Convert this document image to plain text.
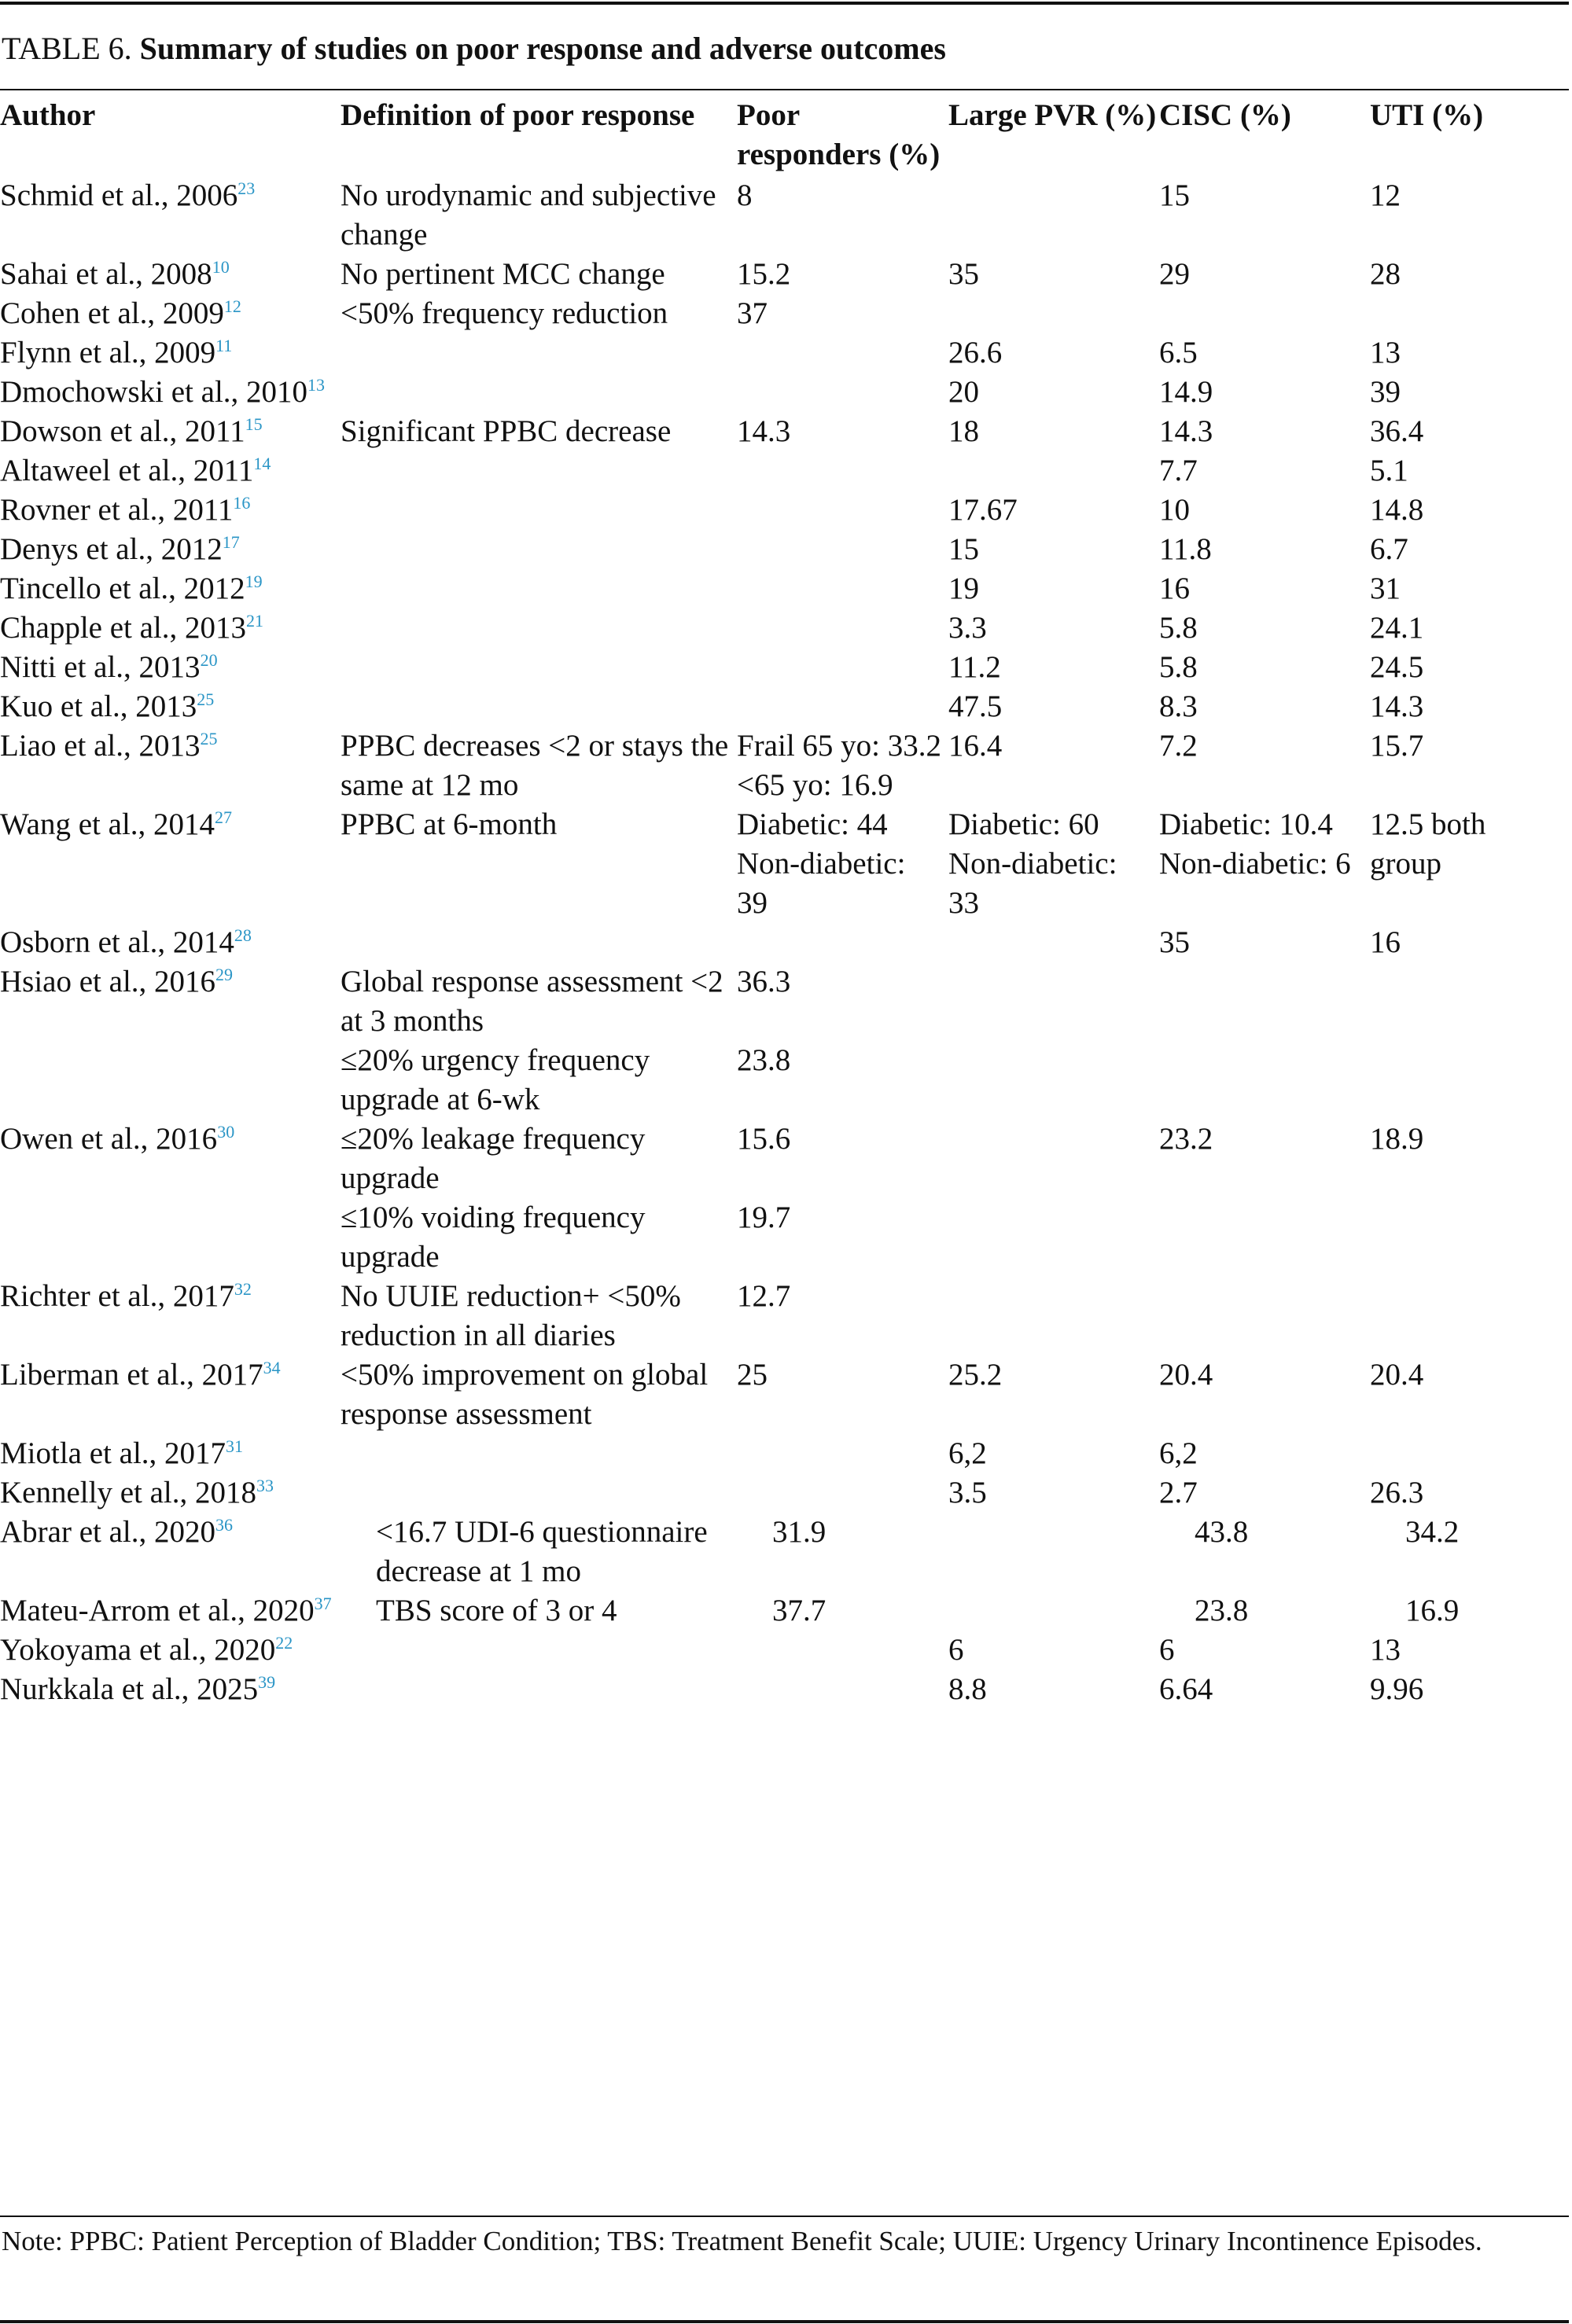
TABLE 6. Summary of studies on poor response and adverse outcomes
Author	Definition of poor response	Poor responders (%)	Large PVR (%)	CISC (%)	UTI (%)
Schmid et al., 2006$^{23}$	No urodynamic and subjective change	8		15	12
Sahai et al., 2008$^{10}$	No pertinent MCC change	15.2	35	29	28
Cohen et al., 2009$^{12}$	<50% frequency reduction	37			
Flynn et al., 2009$^{11}$			26.6	6.5	13
Dmochowski et al., 2010$^{13}$			20	14.9	39
Dowson et al., 2011$^{15}$	Significant PPBC decrease	14.3	18	14.3	36.4
Altaweel et al., 2011$^{14}$				7.7	5.1
Rovner et al., 2011$^{16}$			17.67	10	14.8
Denys et al., 2012$^{17}$			15	11.8	6.7
Tincello et al., 2012$^{19}$			19	16	31
Chapple et al., 2013$^{21}$			3.3	5.8	24.1
Nitti et al., 2013$^{20}$			11.2	5.8	24.5
Kuo et al., 2013$^{25}$			47.5	8.3	14.3
Liao et al., 2013$^{25}$	PPBC decreases <2 or stays the same at 12 mo	Frail 65 yo: 33.2 <65 yo: 16.9	16.4	7.2	15.7
Wang et al., 2014$^{27}$	PPBC at 6-month	Diabetic: 44 Non-diabetic: 39	Diabetic: 60 Non-diabetic: 33	Diabetic: 10.4 Non-diabetic: 6	12.5 both group
Osborn et al., 2014$^{28}$				35	16
Hsiao et al., 2016$^{29}$	Global response assessment <2 at 3 months	36.3			
	≤20% urgency frequency upgrade at 6-wk	23.8			
Owen et al., 2016$^{30}$	≤20% leakage frequency upgrade	15.6		23.2	18.9
	≤10% voiding frequency upgrade	19.7			
Richter et al., 2017$^{32}$	No UUIE reduction+ <50% reduction in all diaries	12.7			
Liberman et al., 2017$^{34}$	<50% improvement on global response assessment	25	25.2	20.4	20.4
Miotla et al., 2017$^{31}$			6,2	6,2	
Kennelly et al., 2018$^{33}$			3.5	2.7	26.3
Abrar et al., 2020$^{36}$	<16.7 UDI-6 questionnaire decrease at 1 mo	31.9		43.8	34.2
Mateu-Arrom et al., 2020$^{37}$	TBS score of 3 or 4	37.7		23.8	16.9
Yokoyama et al., 2020$^{22}$			6	6	13
Nurkkala et al., 2025$^{39}$			8.8	6.64	9.96
Note: PPBC: Patient Perception of Bladder Condition; TBS: Treatment Benefit Scale; UUIE: Urgency Urinary Incontinence Episodes.
